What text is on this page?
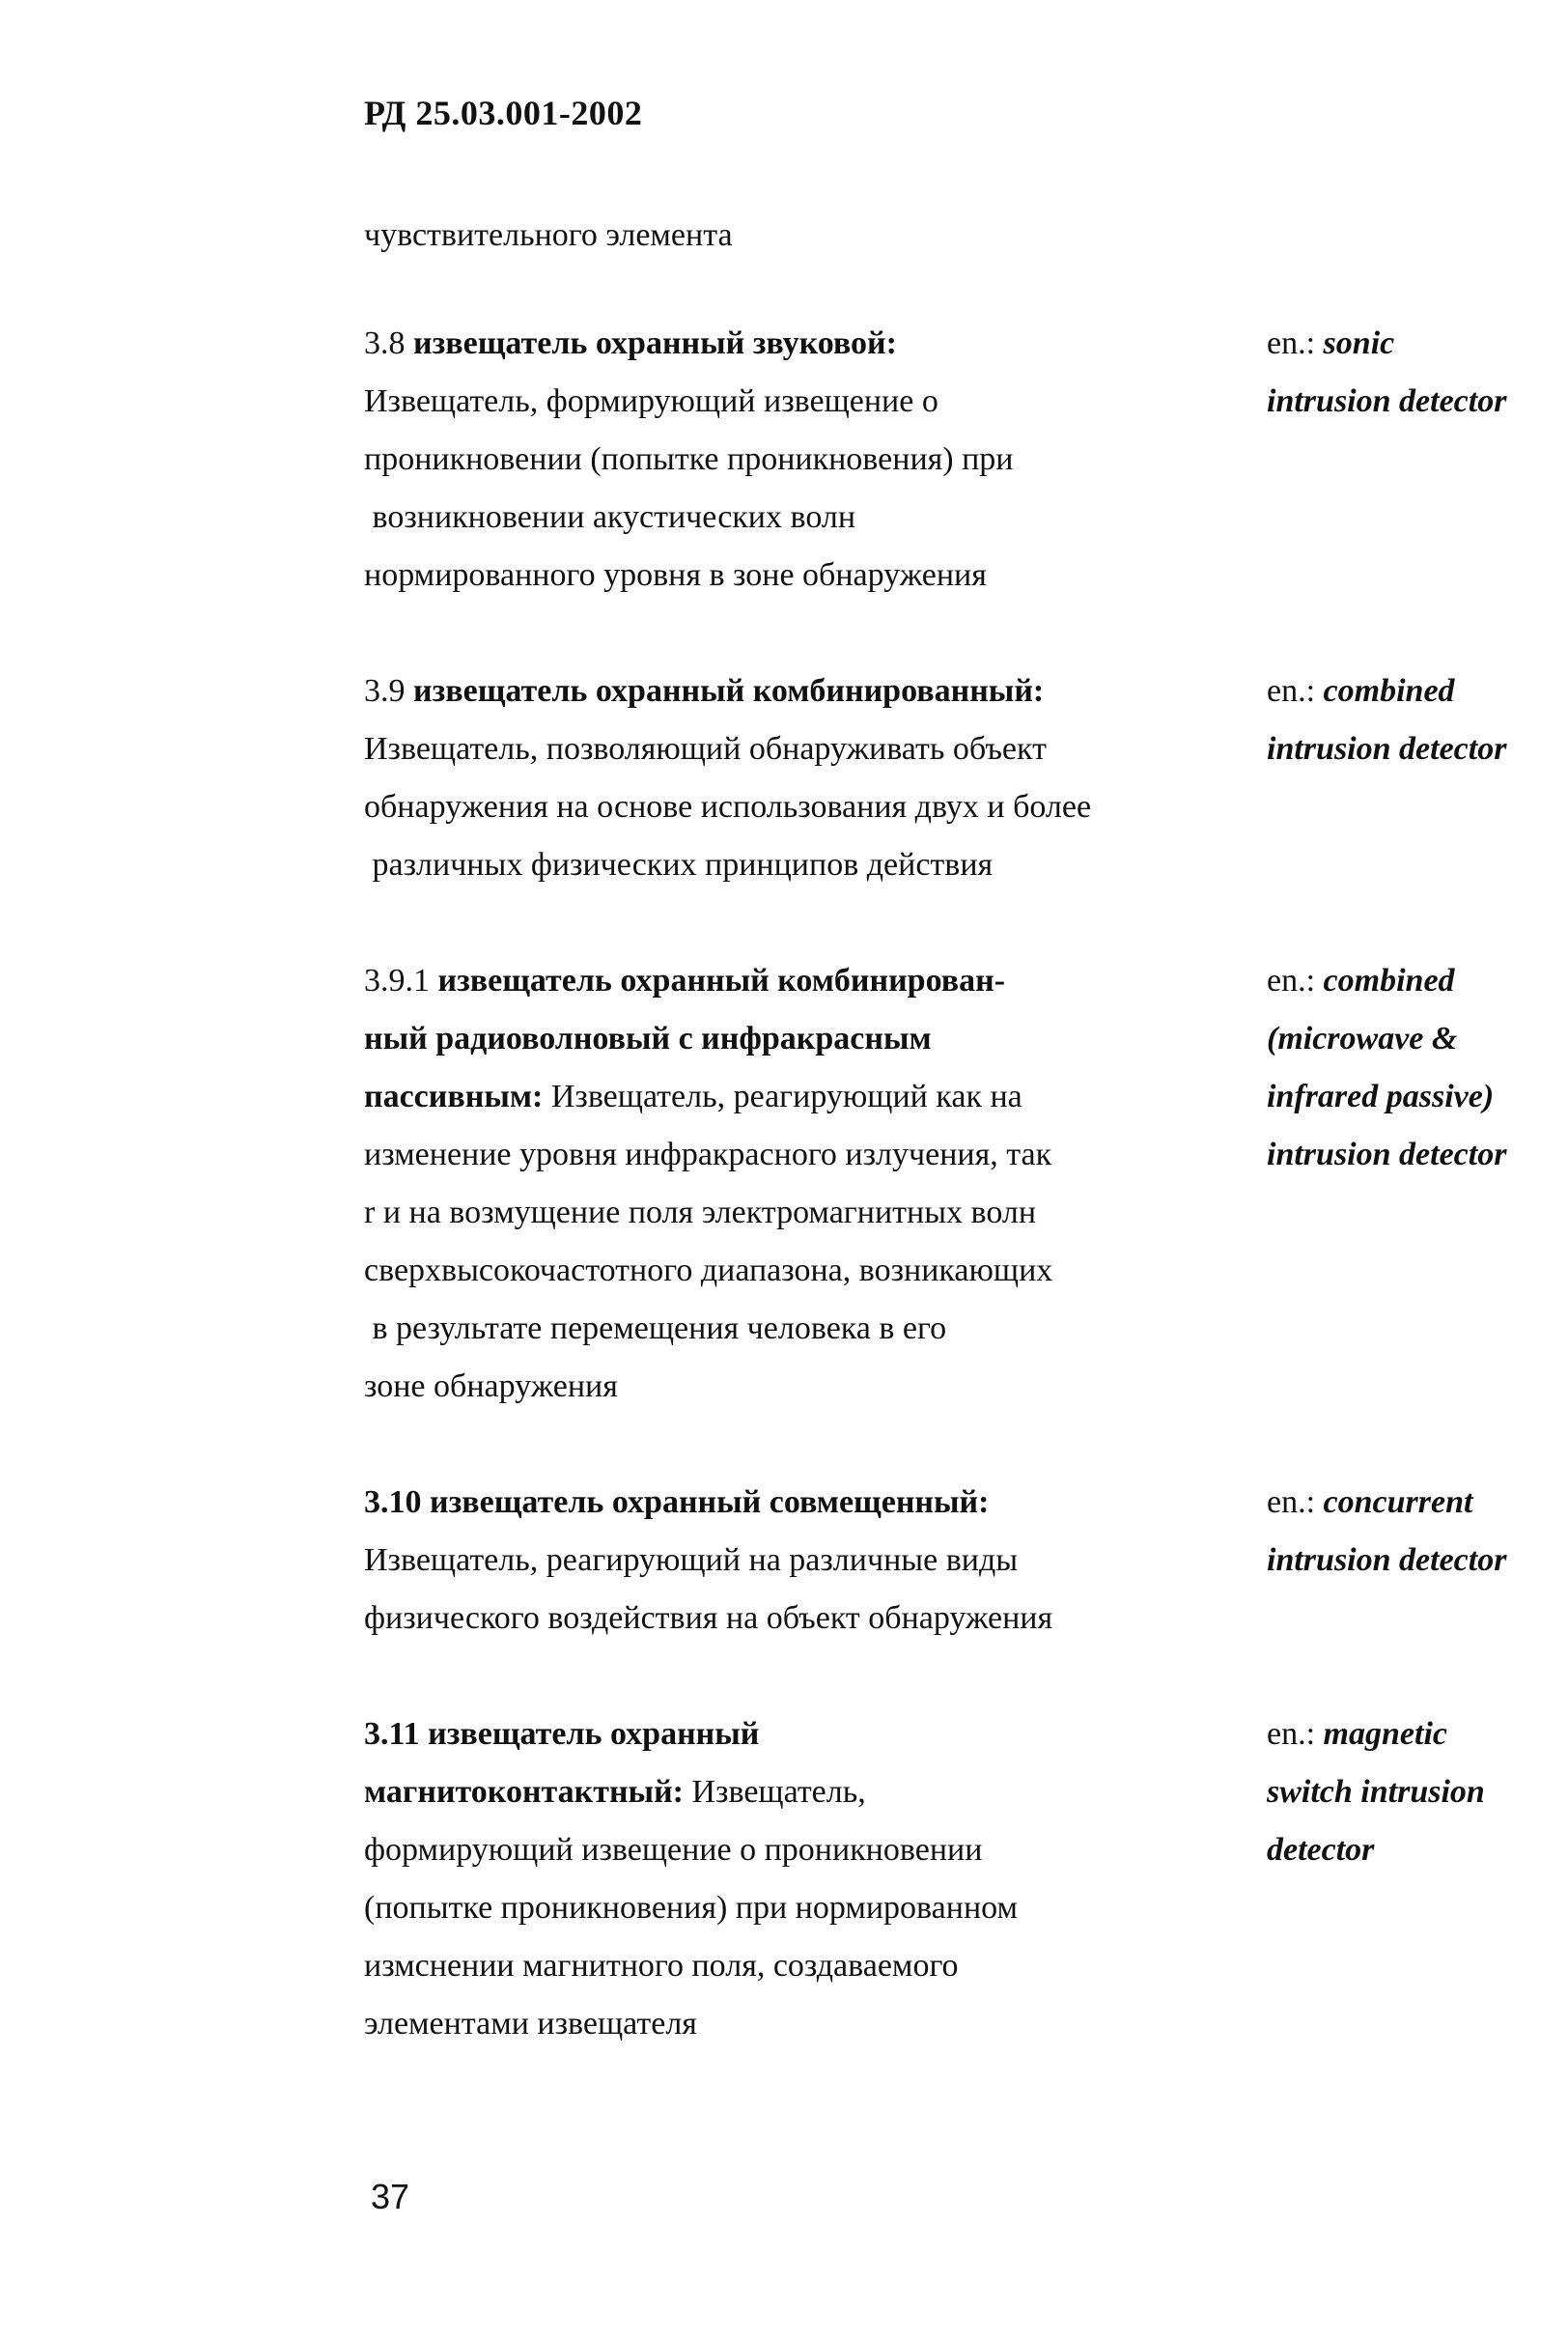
РД 25.03.001-2002
чувствительного элемента
3.8 извещатель охранный звуковой:
Извещатель, формирующий извещение о
проникновении (попытке проникновения) при
возникновении акустических волн
нормированного уровня в зоне обнаружения
en.: sonic
intrusion detector
3.9 извещатель охранный комбинированный:
Извещатель, позволяющий обнаруживать объект
обнаружения на основе использования двух и более
различных физических принципов действия
en.: combined
intrusion detector
3.9.1 извещатель охранный комбинирован-
ный радиоволновый с инфракрасным
пассивным: Извещатель, реагирующий как на
изменение уровня инфракрасного излучения, так
r и на возмущение поля электромагнитных волн
сверхвысокочастотного диапазона, возникающих
в результате перемещения человека в его
зоне обнаружения
en.: combined
(microwave &
infrared passive)
intrusion detector
3.10 извещатель охранный совмещенный:
Извещатель, реагирующий на различные виды
физического воздействия на объект обнаружения
en.: concurrent
intrusion detector
3.11 извещатель охранный
магнитоконтактный: Извещатель,
формирующий извещение о проникновении
(попытке проникновения) при нормированном
измснении магнитного поля, создаваемого
элементами извещателя
en.: magnetic
switch intrusion
detector
37
